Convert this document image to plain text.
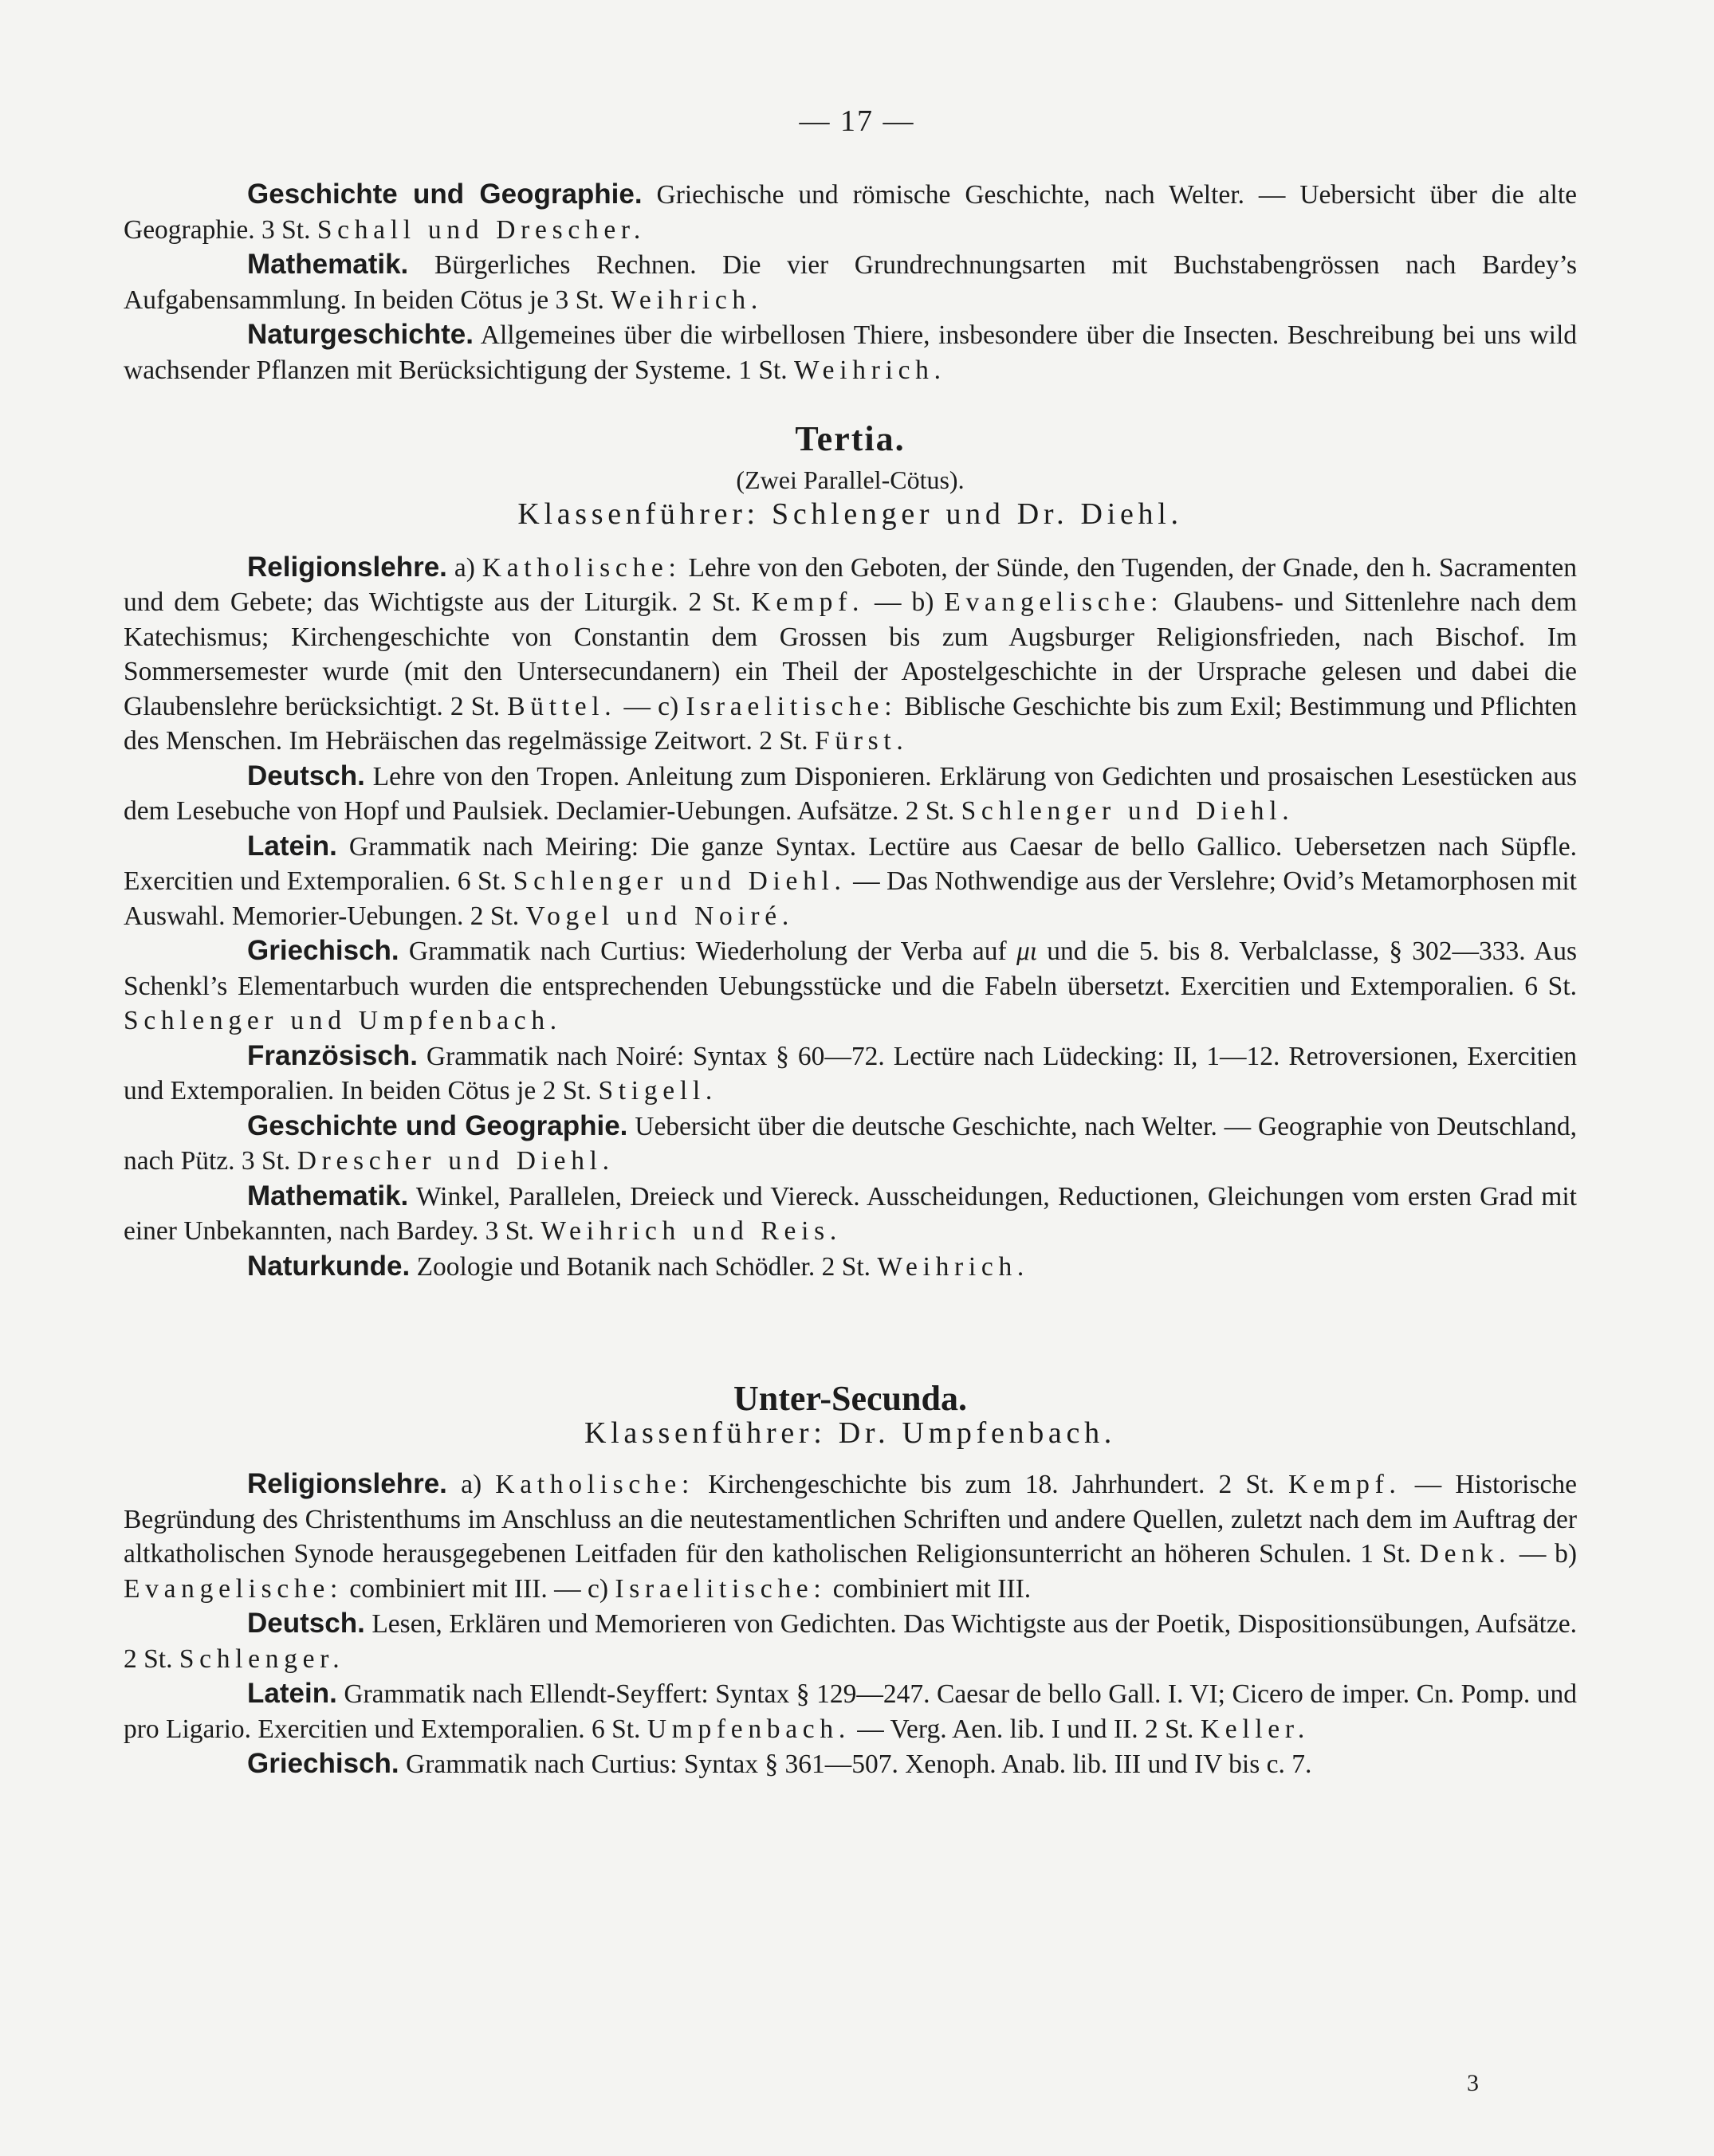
— 17 —

Geschichte und Geographie. Griechische und römische Geschichte, nach Welter. — Uebersicht über die alte Geographie. 3 St. Schall und Drescher.

Mathematik. Bürgerliches Rechnen. Die vier Grundrechnungsarten mit Buchstabengrössen nach Bardey’s Aufgabensammlung. In beiden Cötus je 3 St. Weihrich.

Naturgeschichte. Allgemeines über die wirbellosen Thiere, insbesondere über die Insecten. Beschreibung bei uns wild wachsender Pflanzen mit Berücksichtigung der Systeme. 1 St. Weihrich.

Tertia.

(Zwei Parallel-Cötus).

Klassenführer: Schlenger und Dr. Diehl.

Religionslehre. a) Katholische: Lehre von den Geboten, der Sünde, den Tugenden, der Gnade, den h. Sacramenten und dem Gebete; das Wichtigste aus der Liturgik. 2 St. Kempf. — b) Evangelische: Glaubens- und Sittenlehre nach dem Katechismus; Kirchengeschichte von Constantin dem Grossen bis zum Augsburger Religionsfrieden, nach Bischof. Im Sommersemester wurde (mit den Untersecundanern) ein Theil der Apostelgeschichte in der Ursprache gelesen und dabei die Glaubenslehre berücksichtigt. 2 St. Büttel. — c) Israelitische: Biblische Geschichte bis zum Exil; Bestimmung und Pflichten des Menschen. Im Hebräischen das regelmässige Zeitwort. 2 St. Fürst.

Deutsch. Lehre von den Tropen. Anleitung zum Disponieren. Erklärung von Gedichten und prosaischen Lesestücken aus dem Lesebuche von Hopf und Paulsiek. Declamier-Uebungen. Aufsätze. 2 St. Schlenger und Diehl.

Latein. Grammatik nach Meiring: Die ganze Syntax. Lectüre aus Caesar de bello Gallico. Uebersetzen nach Süpfle. Exercitien und Extemporalien. 6 St. Schlenger und Diehl. — Das Nothwendige aus der Verslehre; Ovid’s Metamorphosen mit Auswahl. Memorier-Uebungen. 2 St. Vogel und Noiré.

Griechisch. Grammatik nach Curtius: Wiederholung der Verba auf μι und die 5. bis 8. Verbalclasse, § 302—333. Aus Schenkl’s Elementarbuch wurden die entsprechenden Uebungsstücke und die Fabeln übersetzt. Exercitien und Extemporalien. 6 St. Schlenger und Umpfenbach.

Französisch. Grammatik nach Noiré: Syntax § 60—72. Lectüre nach Lüdecking: II, 1—12. Retroversionen, Exercitien und Extemporalien. In beiden Cötus je 2 St. Stigell.

Geschichte und Geographie. Uebersicht über die deutsche Geschichte, nach Welter. — Geographie von Deutschland, nach Pütz. 3 St. Drescher und Diehl.

Mathematik. Winkel, Parallelen, Dreieck und Viereck. Ausscheidungen, Reductionen, Gleichungen vom ersten Grad mit einer Unbekannten, nach Bardey. 3 St. Weihrich und Reis.

Naturkunde. Zoologie und Botanik nach Schödler. 2 St. Weihrich.

Unter-Secunda.

Klassenführer: Dr. Umpfenbach.

Religionslehre. a) Katholische: Kirchengeschichte bis zum 18. Jahrhundert. 2 St. Kempf. — Historische Begründung des Christenthums im Anschluss an die neutestamentlichen Schriften und andere Quellen, zuletzt nach dem im Auftrag der altkatholischen Synode herausgegebenen Leitfaden für den katholischen Religionsunterricht an höheren Schulen. 1 St. Denk. — b) Evangelische: combiniert mit III. — c) Israelitische: combiniert mit III.

Deutsch. Lesen, Erklären und Memorieren von Gedichten. Das Wichtigste aus der Poetik, Dispositionsübungen, Aufsätze. 2 St. Schlenger.

Latein. Grammatik nach Ellendt-Seyffert: Syntax § 129—247. Caesar de bello Gall. I. VI; Cicero de imper. Cn. Pomp. und pro Ligario. Exercitien und Extemporalien. 6 St. Umpfenbach. — Verg. Aen. lib. I und II. 2 St. Keller.

Griechisch. Grammatik nach Curtius: Syntax § 361—507. Xenoph. Anab. lib. III und IV bis c. 7.

3
